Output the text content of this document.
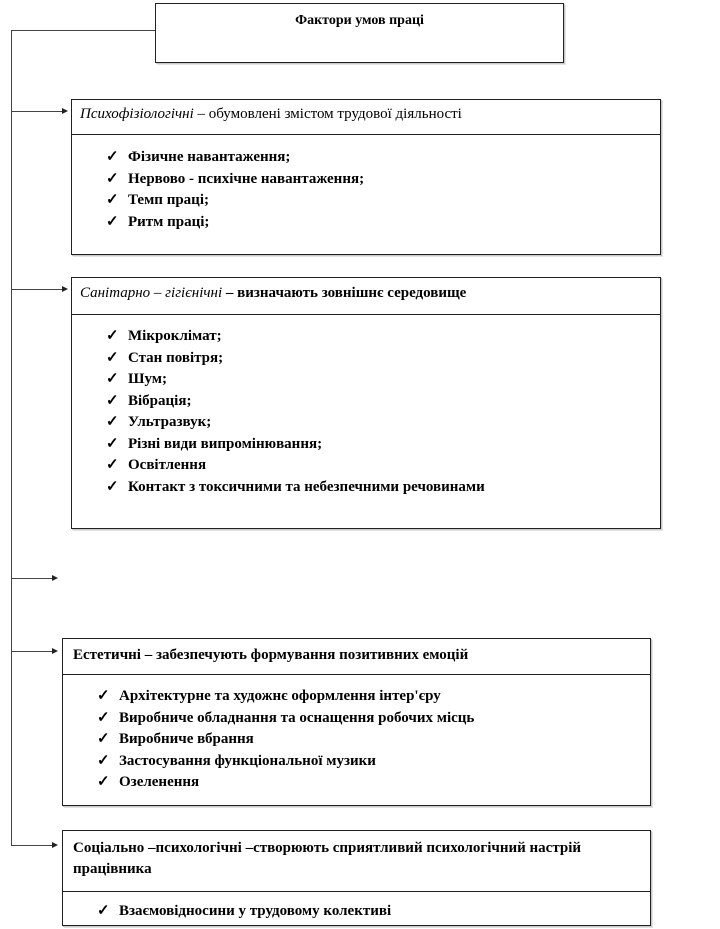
Фактори умов праці
Психофізіологічні – обумовлені змістом трудової діяльності
✓ Фізичне навантаження;
✓ Нервово - психічне навантаження;
✓ Темп праці;
✓ Ритм праці;
Санітарно – гігієнічні – визначають зовнішнє середовище
✓ Мікроклімат;
✓ Стан повітря;
✓ Шум;
✓ Вібрація;
✓ Ультразвук;
✓ Різні види випромінювання;
✓ Освітлення
✓ Контакт з токсичними та небезпечними речовинами
Естетичні – забезпечують формування позитивних емоцій
✓ Архітектурне та художнє оформлення інтер'єру
✓ Виробниче обладнання та оснащення робочих місць
✓ Виробниче вбрання
✓ Застосування функціональної музики
✓ Озеленення
Соціально –психологічні –створюють сприятливий психологічний настрій працівника
✓ Взаємовідносини у трудовому колективі
